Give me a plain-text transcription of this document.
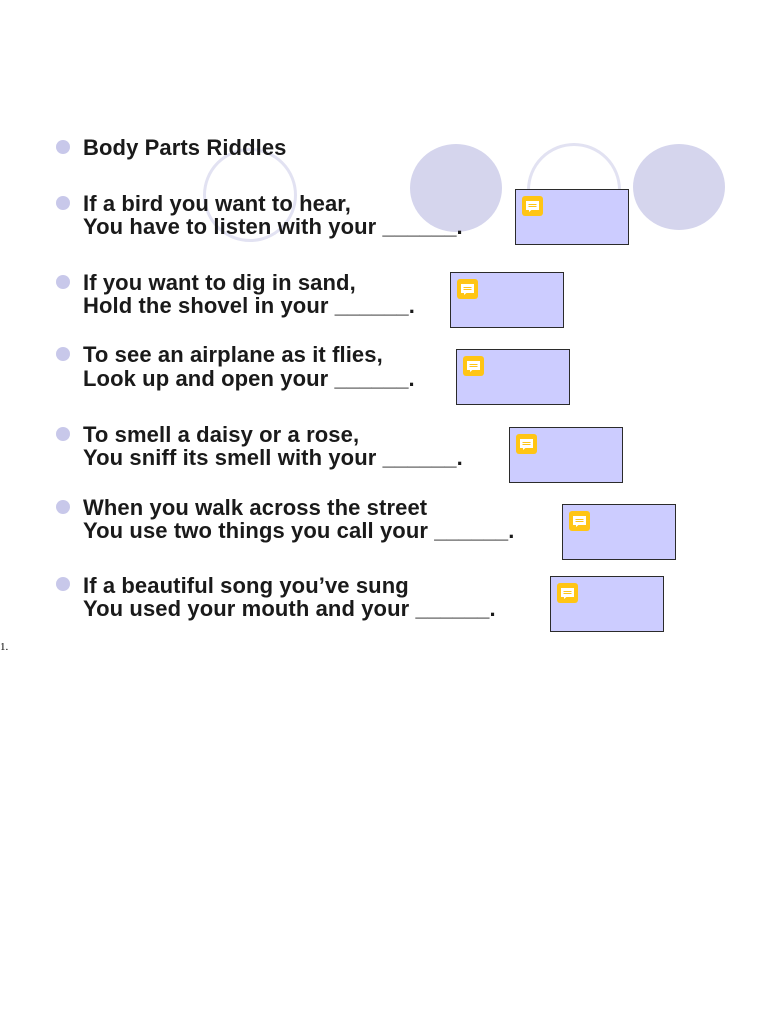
Body Parts Riddles
If a bird you want to hear,
You have to listen with your ______.
If you want to dig in sand,
Hold the shovel in your ______.
To see an airplane as it flies,
Look up and open your ______.
To smell a daisy or a rose,
You sniff its smell with your ______.
When you walk across the street
You use two things you call your ______.
If a beautiful song you’ve sung
You used your mouth and your ______.
1.
